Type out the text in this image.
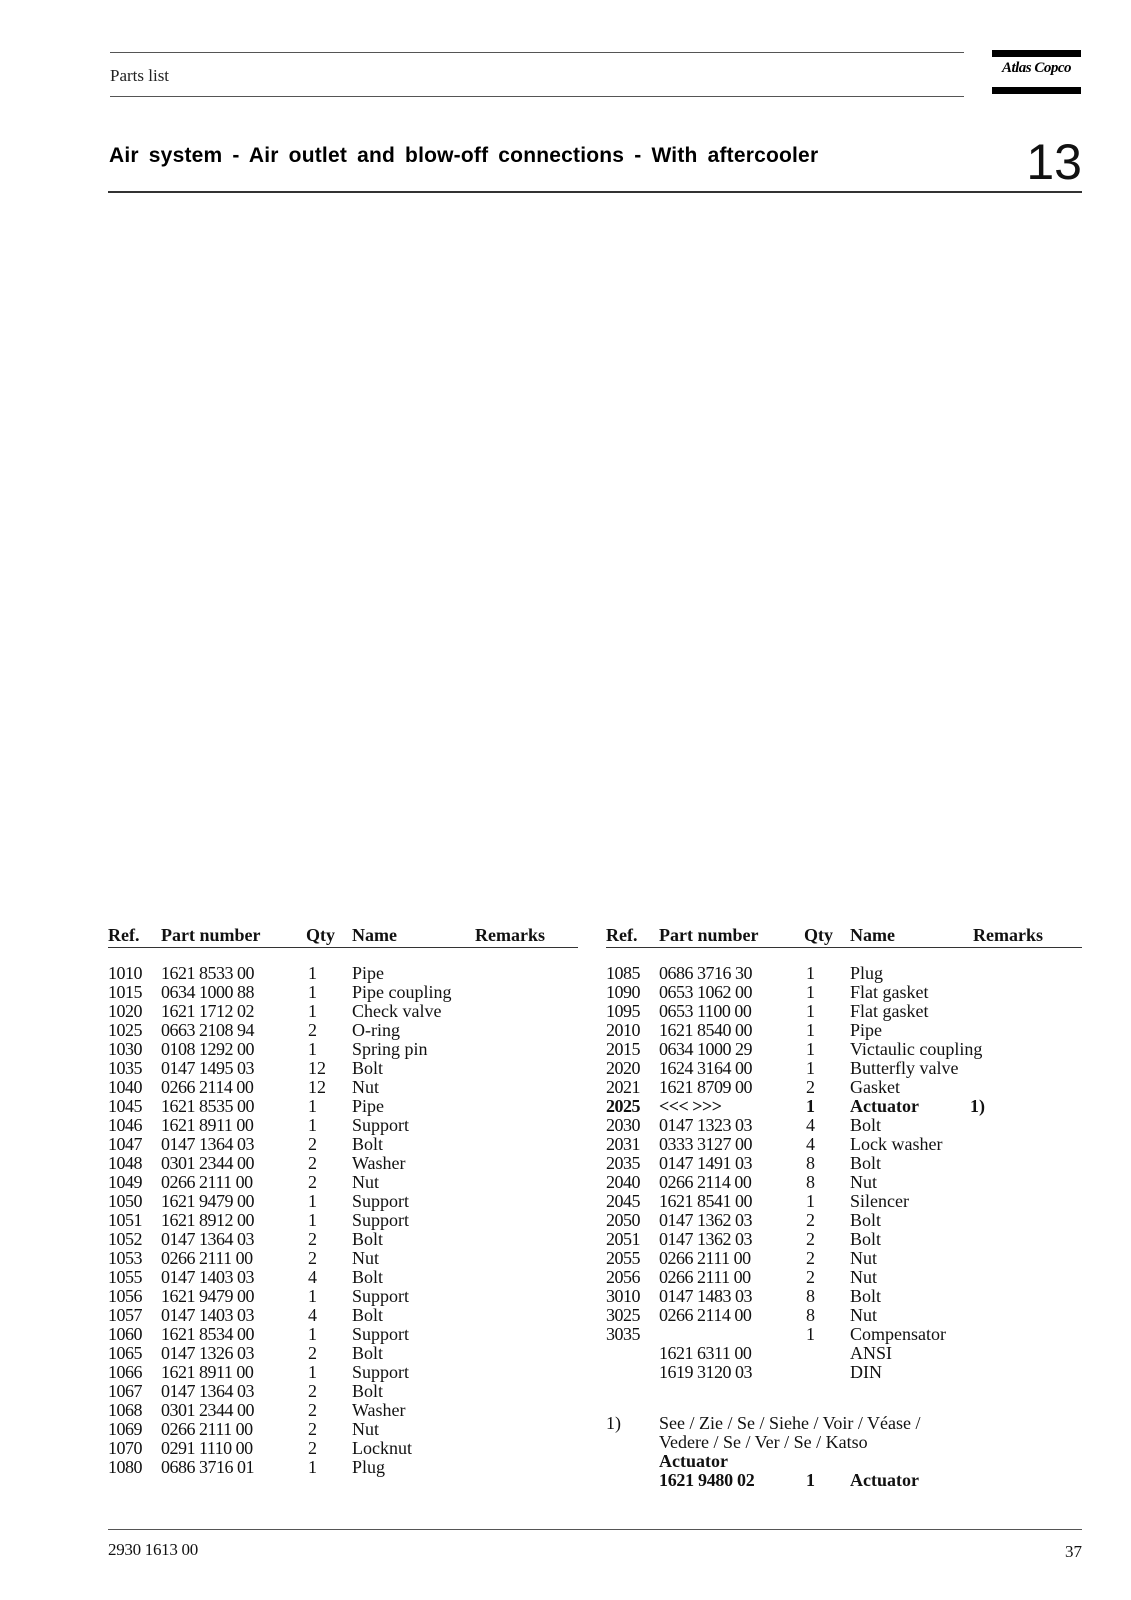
Parts list	Atlas Copco
Air system - Air outlet and blow-off connections - With aftercooler	13
Ref. Part number	Qty Name	Remarks	Ref. Part number	Qty Name	Remarks
1010 1621 8533 00	1 Pipe
1015 0634 1000 88	1 Pipe coupling
1020 1621 1712 02	1 Check valve
1025 0663 2108 94	2 O-ring
1030 0108 1292 00	1 Spring pin
1035 0147 1495 03	12 Bolt
1040 0266 2114 00	12 Nut
1045 1621 8535 00	1 Pipe
1046 1621 8911 00	1 Support
1047 0147 1364 03	2 Bolt
1048 0301 2344 00	2 Washer
1049 0266 2111 00	2 Nut
1050 1621 9479 00	1 Support
1051 1621 8912 00	1 Support
1052 0147 1364 03	2 Bolt
1053 0266 2111 00	2 Nut
1055 0147 1403 03	4 Bolt
1056 1621 9479 00	1 Support
1057 0147 1403 03	4 Bolt
1060 1621 8534 00	1 Support
1065 0147 1326 03	2 Bolt
1066 1621 8911 00	1 Support
1067 0147 1364 03	2 Bolt
1068 0301 2344 00	2 Washer
1069 0266 2111 00	2 Nut
1070 0291 1110 00	2 Locknut
1080 0686 3716 01	1 Plug
1085 0686 3716 30	1 Plug
1090 0653 1062 00	1 Flat gasket
1095 0653 1100 00	1 Flat gasket
2010 1621 8540 00	1 Pipe
2015 0634 1000 29	1 Victaulic coupling
2020 1624 3164 00	1 Butterfly valve
2021 1621 8709 00	2 Gasket
2025 <<< >>>	1 Actuator	1)
2030 0147 1323 03	4 Bolt
2031 0333 3127 00	4 Lock washer
2035 0147 1491 03	8 Bolt
2040 0266 2114 00	8 Nut
2045 1621 8541 00	1 Silencer
2050 0147 1362 03	2 Bolt
2051 0147 1362 03	2 Bolt
2055 0266 2111 00	2 Nut
2056 0266 2111 00	2 Nut
3010 0147 1483 03	8 Bolt
3025 0266 2114 00	8 Nut
3035	1 Compensator
1621 6311 00	ANSI
1619 3120 03	DIN
1) See / Zie / Se / Siehe / Voir / Véase /
Vedere / Se / Ver / Se / Katso
Actuator
1621 9480 02	1 Actuator
2930 1613 00	37
